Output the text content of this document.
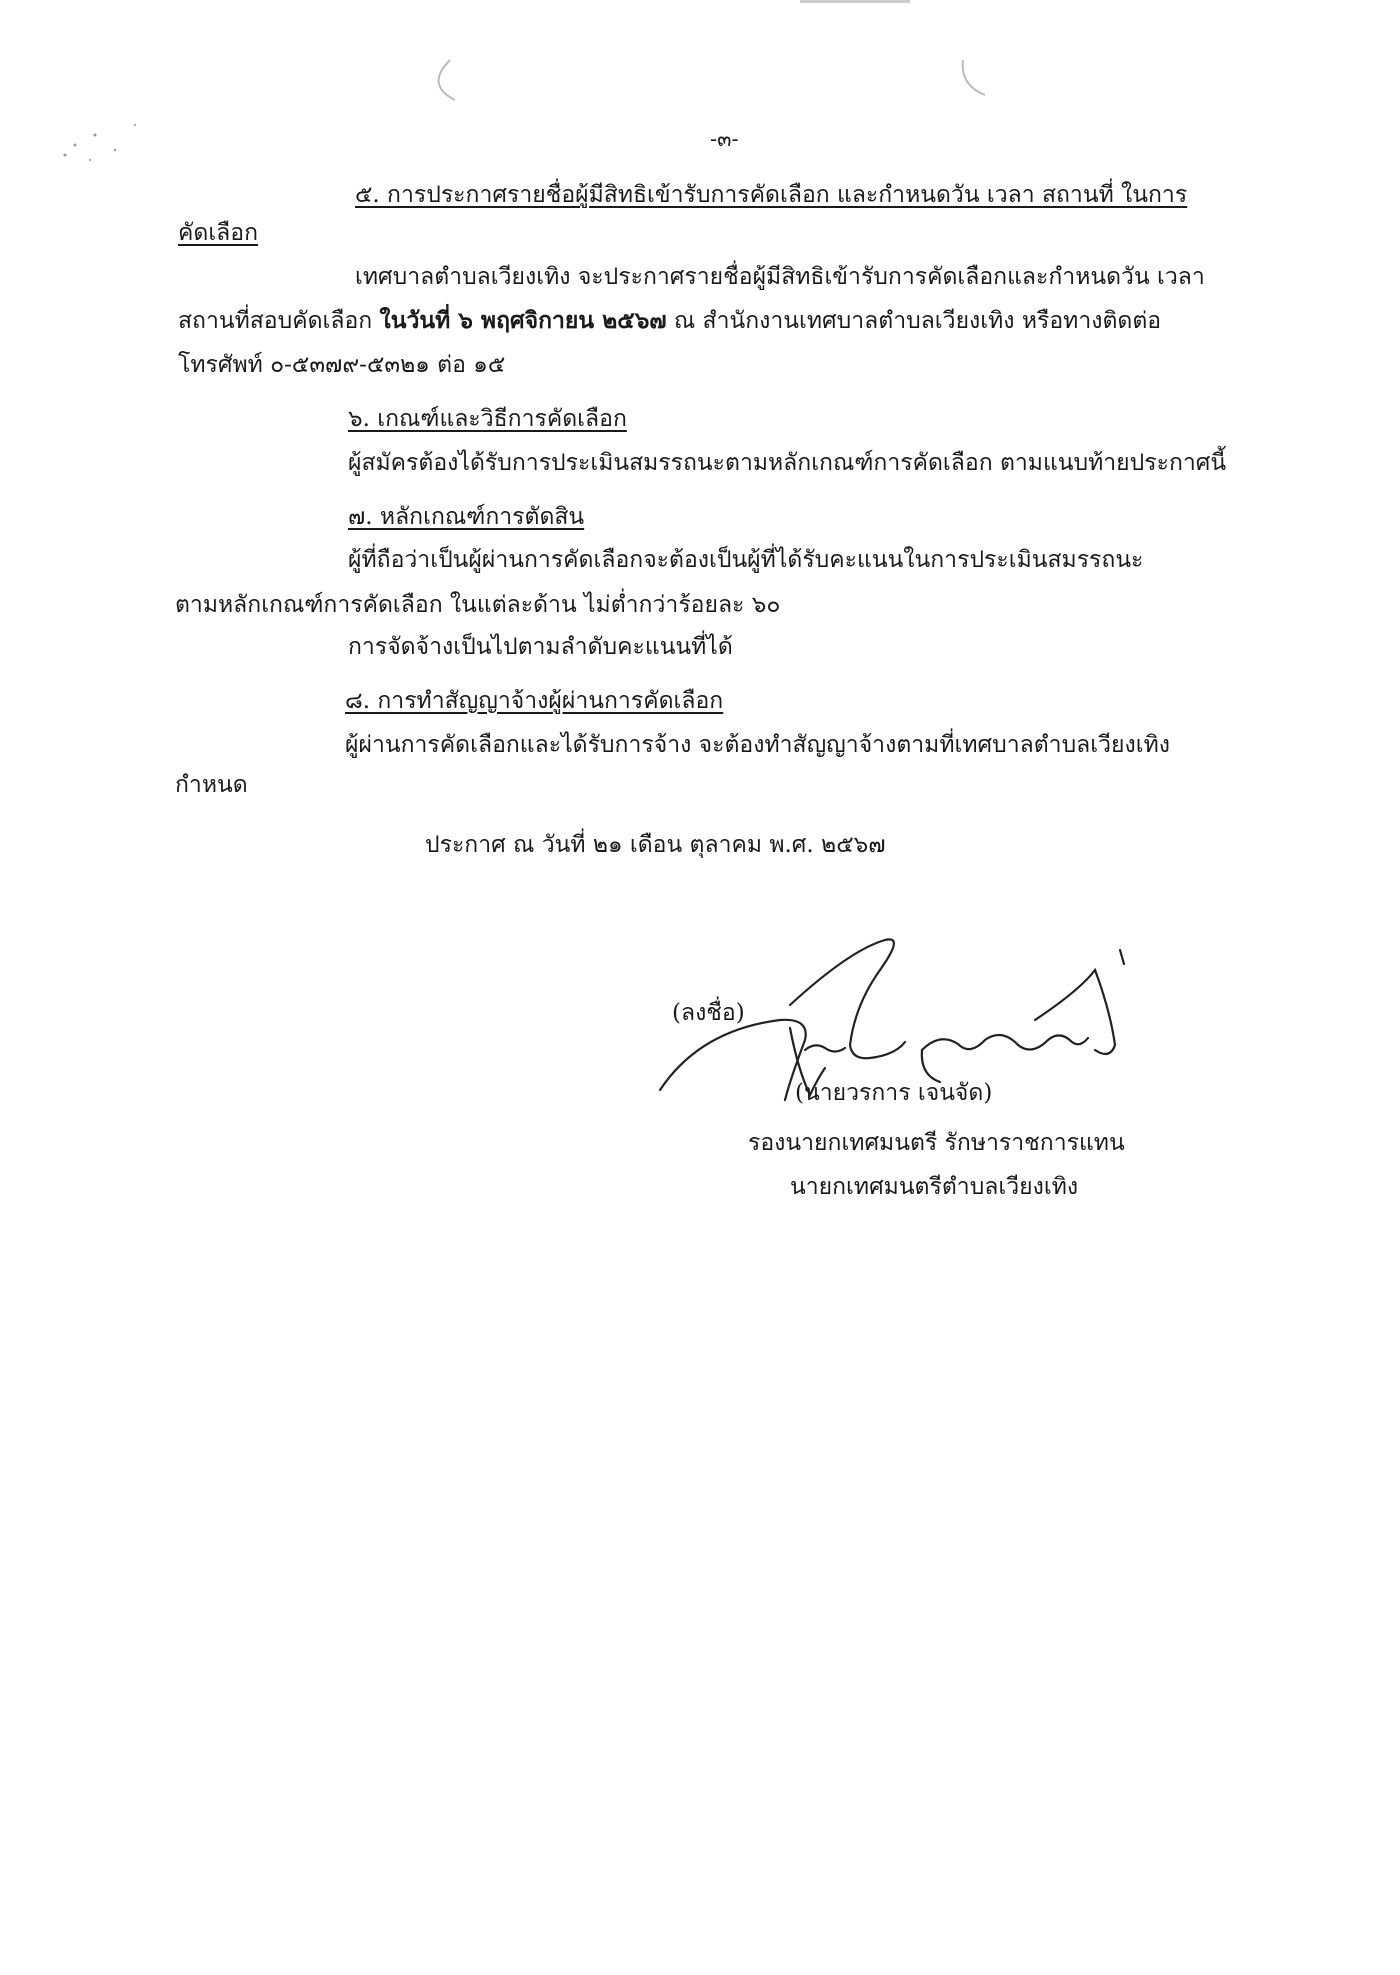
-๓-
๕. การประกาศรายชื่อผู้มีสิทธิเข้ารับการคัดเลือก และกำหนดวัน เวลา สถานที่ ในการ
คัดเลือก
เทศบาลตำบลเวียงเทิง จะประกาศรายชื่อผู้มีสิทธิเข้ารับการคัดเลือกและกำหนดวัน เวลา
สถานที่สอบคัดเลือก ในวันที่ ๖ พฤศจิกายน ๒๕๖๗ ณ สำนักงานเทศบาลตำบลเวียงเทิง หรือทางติดต่อ
โทรศัพท์ ๐-๕๓๗๙-๕๓๒๑ ต่อ ๑๕
๖. เกณฑ์และวิธีการคัดเลือก
ผู้สมัครต้องได้รับการประเมินสมรรถนะตามหลักเกณฑ์การคัดเลือก ตามแนบท้ายประกาศนี้
๗. หลักเกณฑ์การตัดสิน
ผู้ที่ถือว่าเป็นผู้ผ่านการคัดเลือกจะต้องเป็นผู้ที่ได้รับคะแนนในการประเมินสมรรถนะ
ตามหลักเกณฑ์การคัดเลือก ในแต่ละด้าน ไม่ต่ำกว่าร้อยละ ๖๐
การจัดจ้างเป็นไปตามลำดับคะแนนที่ได้
๘. การทำสัญญาจ้างผู้ผ่านการคัดเลือก
ผู้ผ่านการคัดเลือกและได้รับการจ้าง จะต้องทำสัญญาจ้างตามที่เทศบาลตำบลเวียงเทิง
กำหนด
ประกาศ ณ วันที่ ๒๑ เดือน ตุลาคม พ.ศ. ๒๕๖๗
(ลงชื่อ)
(นายวรการ เจนจัด)
รองนายกเทศมนตรี รักษาราชการแทน
นายกเทศมนตรีตำบลเวียงเทิง
